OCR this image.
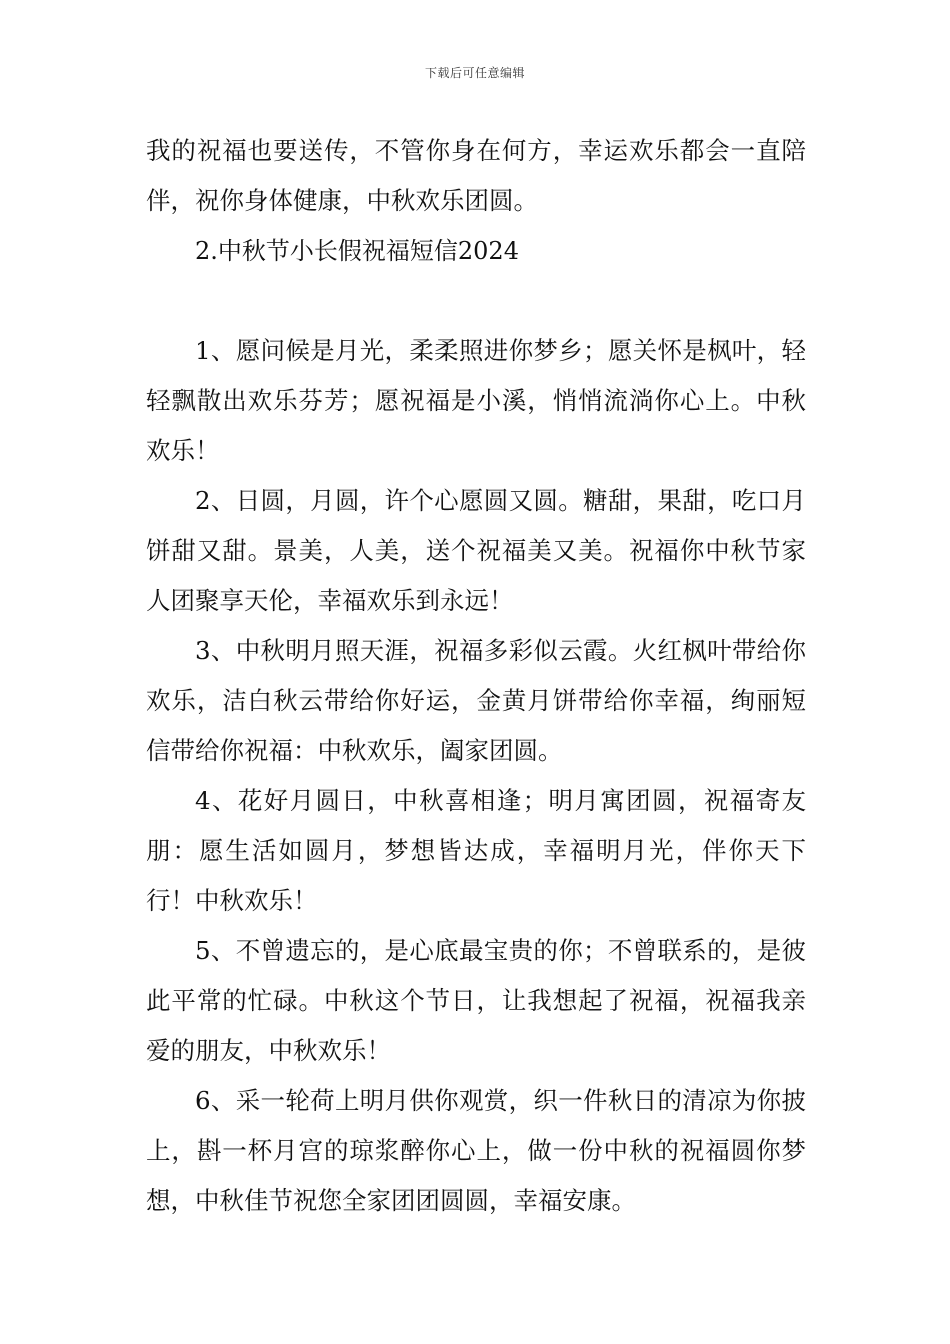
下载后可任意编辑

我的祝福也要送传，不管你身在何方，幸运欢乐都会一直陪伴，祝你身体健康，中秋欢乐团圆。

2.中秋节小长假祝福短信2024

1、愿问候是月光，柔柔照进你梦乡；愿关怀是枫叶，轻轻飘散出欢乐芬芳；愿祝福是小溪，悄悄流淌你心上。中秋欢乐！

2、日圆，月圆，许个心愿圆又圆。糖甜，果甜，吃口月饼甜又甜。景美，人美，送个祝福美又美。祝福你中秋节家人团聚享天伦，幸福欢乐到永远！

3、中秋明月照天涯，祝福多彩似云霞。火红枫叶带给你欢乐，洁白秋云带给你好运，金黄月饼带给你幸福，绚丽短信带给你祝福：中秋欢乐，阖家团圆。

4、花好月圆日，中秋喜相逢；明月寓团圆，祝福寄友朋：愿生活如圆月，梦想皆达成，幸福明月光，伴你天下行！中秋欢乐！

5、不曾遗忘的，是心底最宝贵的你；不曾联系的，是彼此平常的忙碌。中秋这个节日，让我想起了祝福，祝福我亲爱的朋友，中秋欢乐！

6、采一轮荷上明月供你观赏，织一件秋日的清凉为你披上，斟一杯月宫的琼浆醉你心上，做一份中秋的祝福圆你梦想，中秋佳节祝您全家团团圆圆，幸福安康。
